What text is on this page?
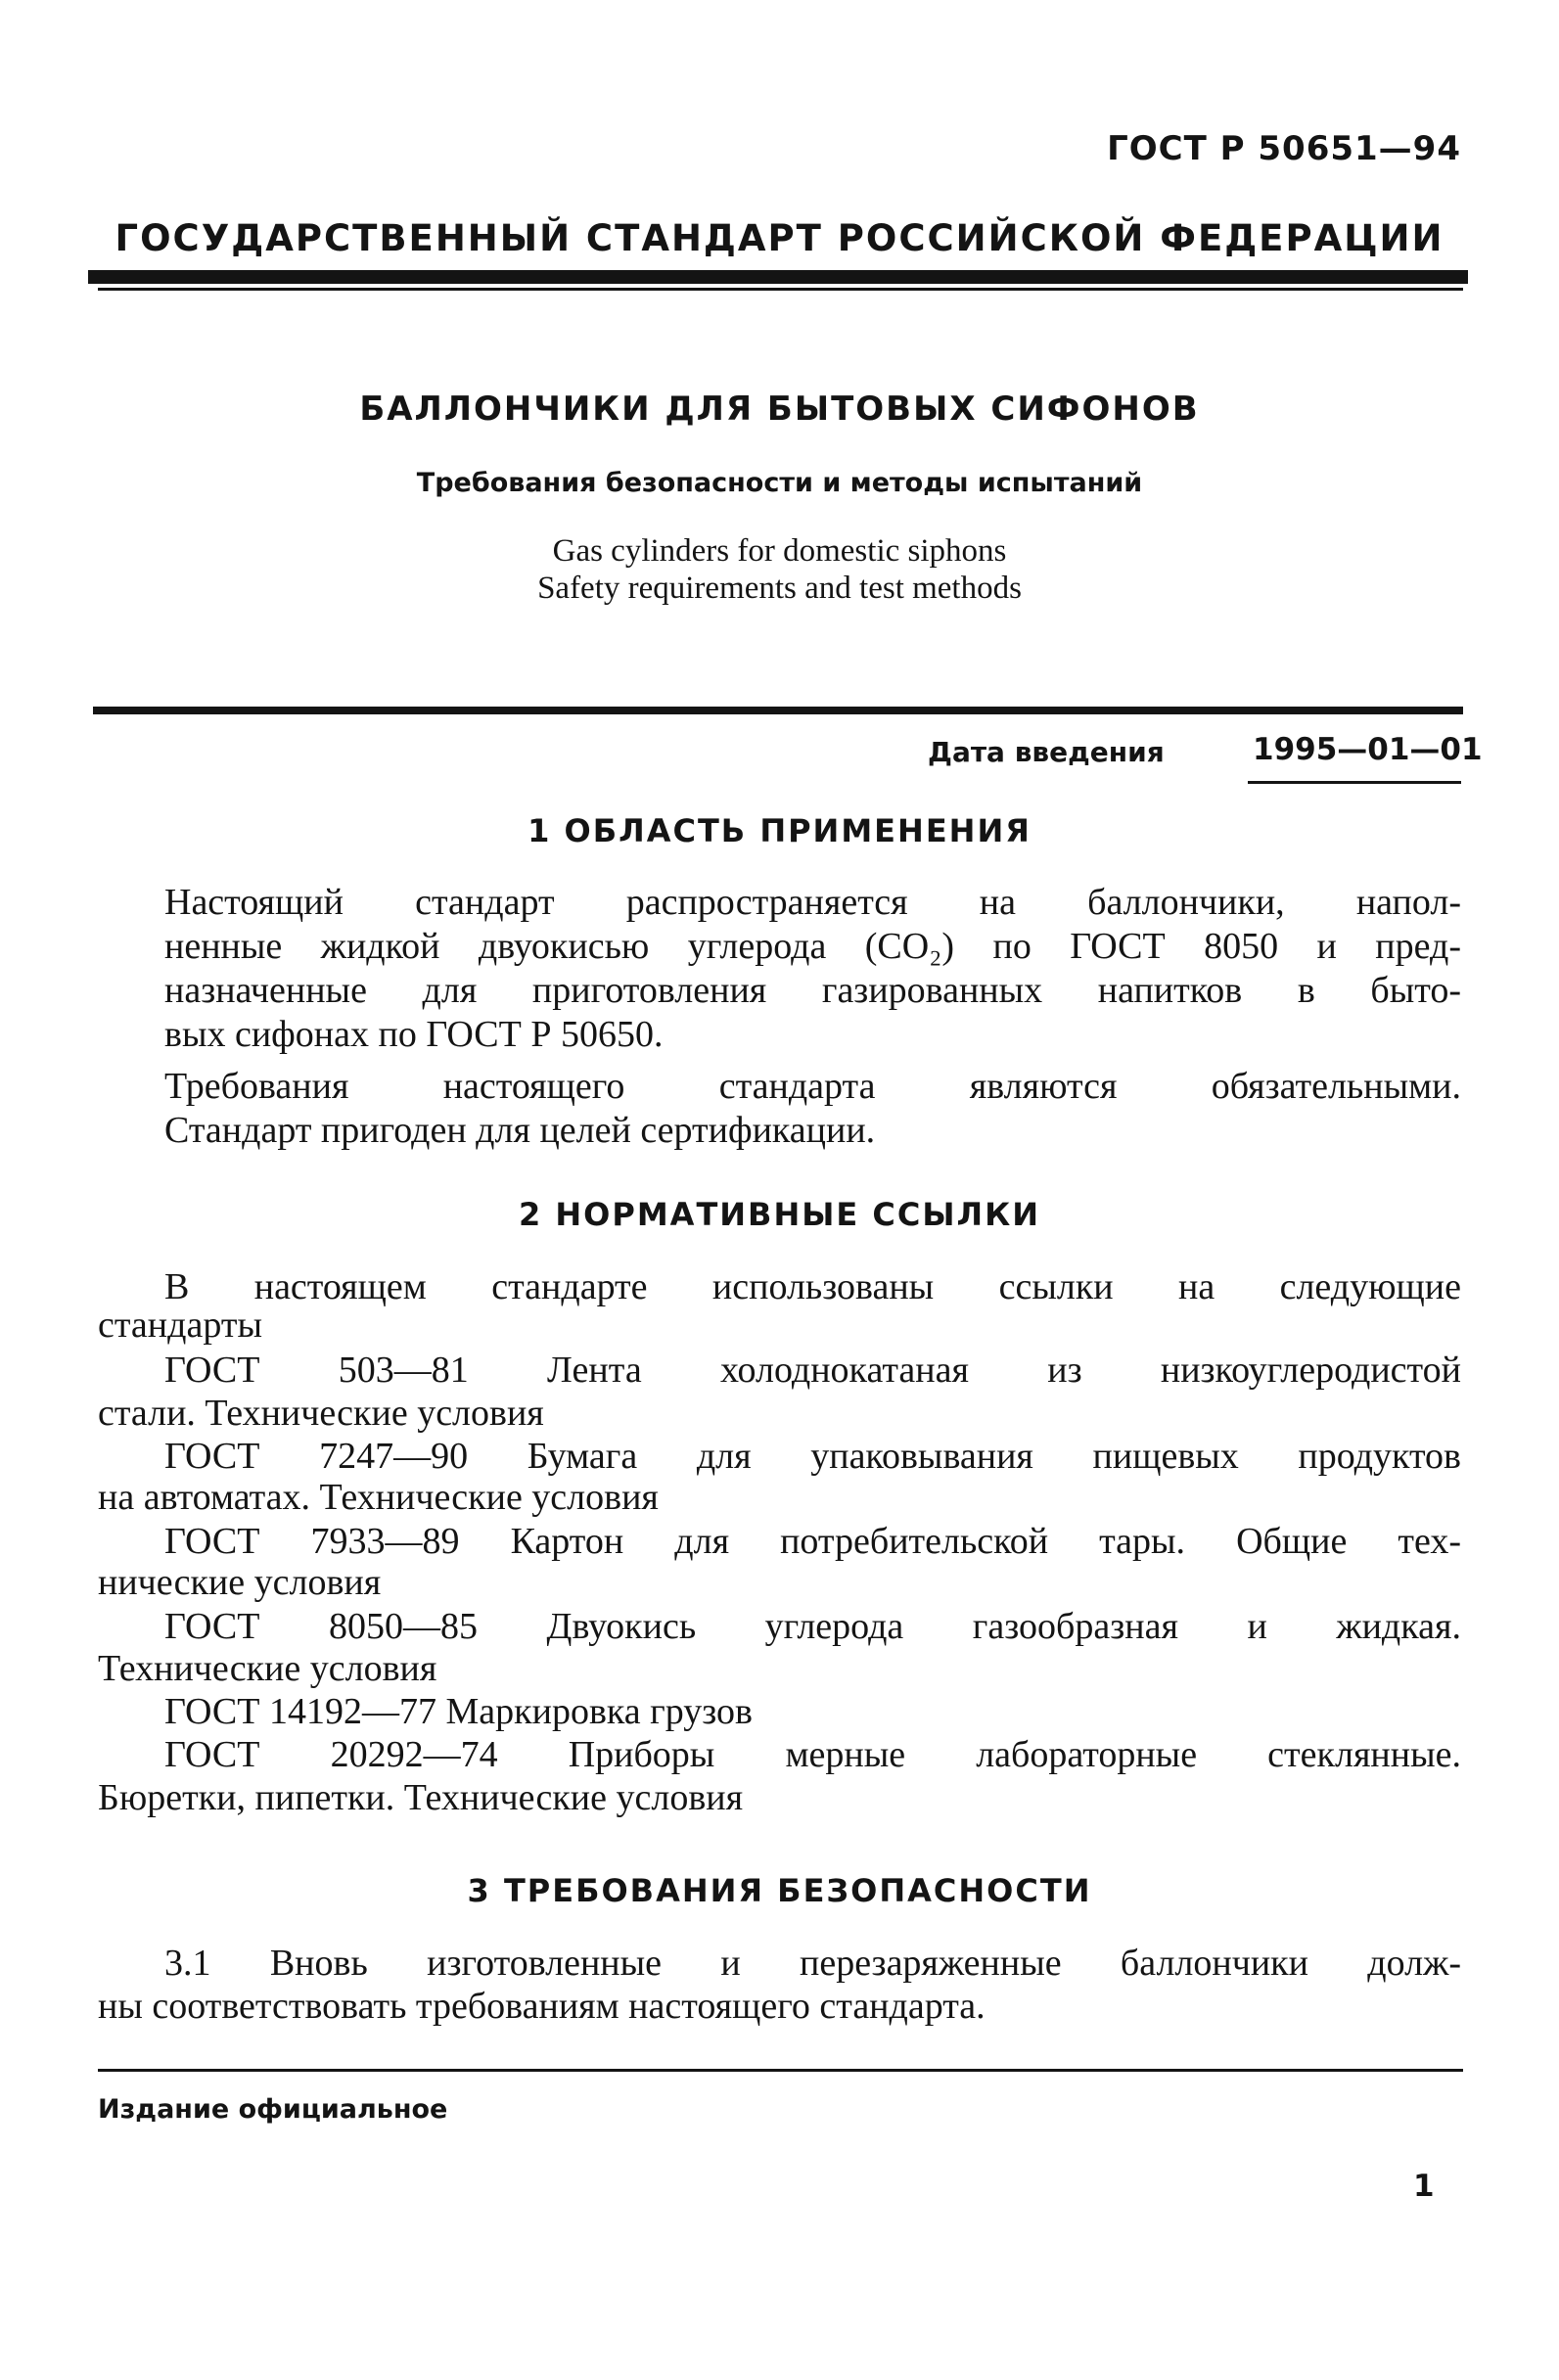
ГОСТ Р 50651—94
ГОСУДАРСТВЕННЫЙ СТАНДАРТ РОССИЙСКОЙ ФЕДЕРАЦИИ
БАЛЛОНЧИКИ ДЛЯ БЫТОВЫХ СИФОНОВ
Требования безопасности и методы испытаний
Gas cylinders for domestic siphons
Safety requirements and test methods
Дата введения	1995—01—01
1 ОБЛАСТЬ ПРИМЕНЕНИЯ
Настоящий стандарт распространяется на баллончики, напол-
ненные жидкой двуокисью углерода (CO₂) по ГОСТ 8050 и пред-
назначенные для приготовления газированных напитков в быто-
вых сифонах по ГОСТ Р 50650.
Требования настоящего стандарта являются обязательными.
Стандарт пригоден для целей сертификации.
2 НОРМАТИВНЫЕ ССЫЛКИ
В настоящем стандарте использованы ссылки на следующие
стандарты
ГОСТ 503—81 Лента холоднокатаная из низкоуглеродистой
стали. Технические условия
ГОСТ 7247—90 Бумага для упаковывания пищевых продуктов
на автоматах. Технические условия
ГОСТ 7933—89 Картон для потребительской тары. Общие тех-
нические условия
ГОСТ 8050—85 Двуокись углерода газообразная и жидкая.
Технические условия
ГОСТ 14192—77 Маркировка грузов
ГОСТ 20292—74 Приборы мерные лабораторные стеклянные.
Бюретки, пипетки. Технические условия
3 ТРЕБОВАНИЯ БЕЗОПАСНОСТИ
3.1 Вновь изготовленные и перезаряженные баллончики долж-
ны соответствовать требованиям настоящего стандарта.
Издание официальное
1
